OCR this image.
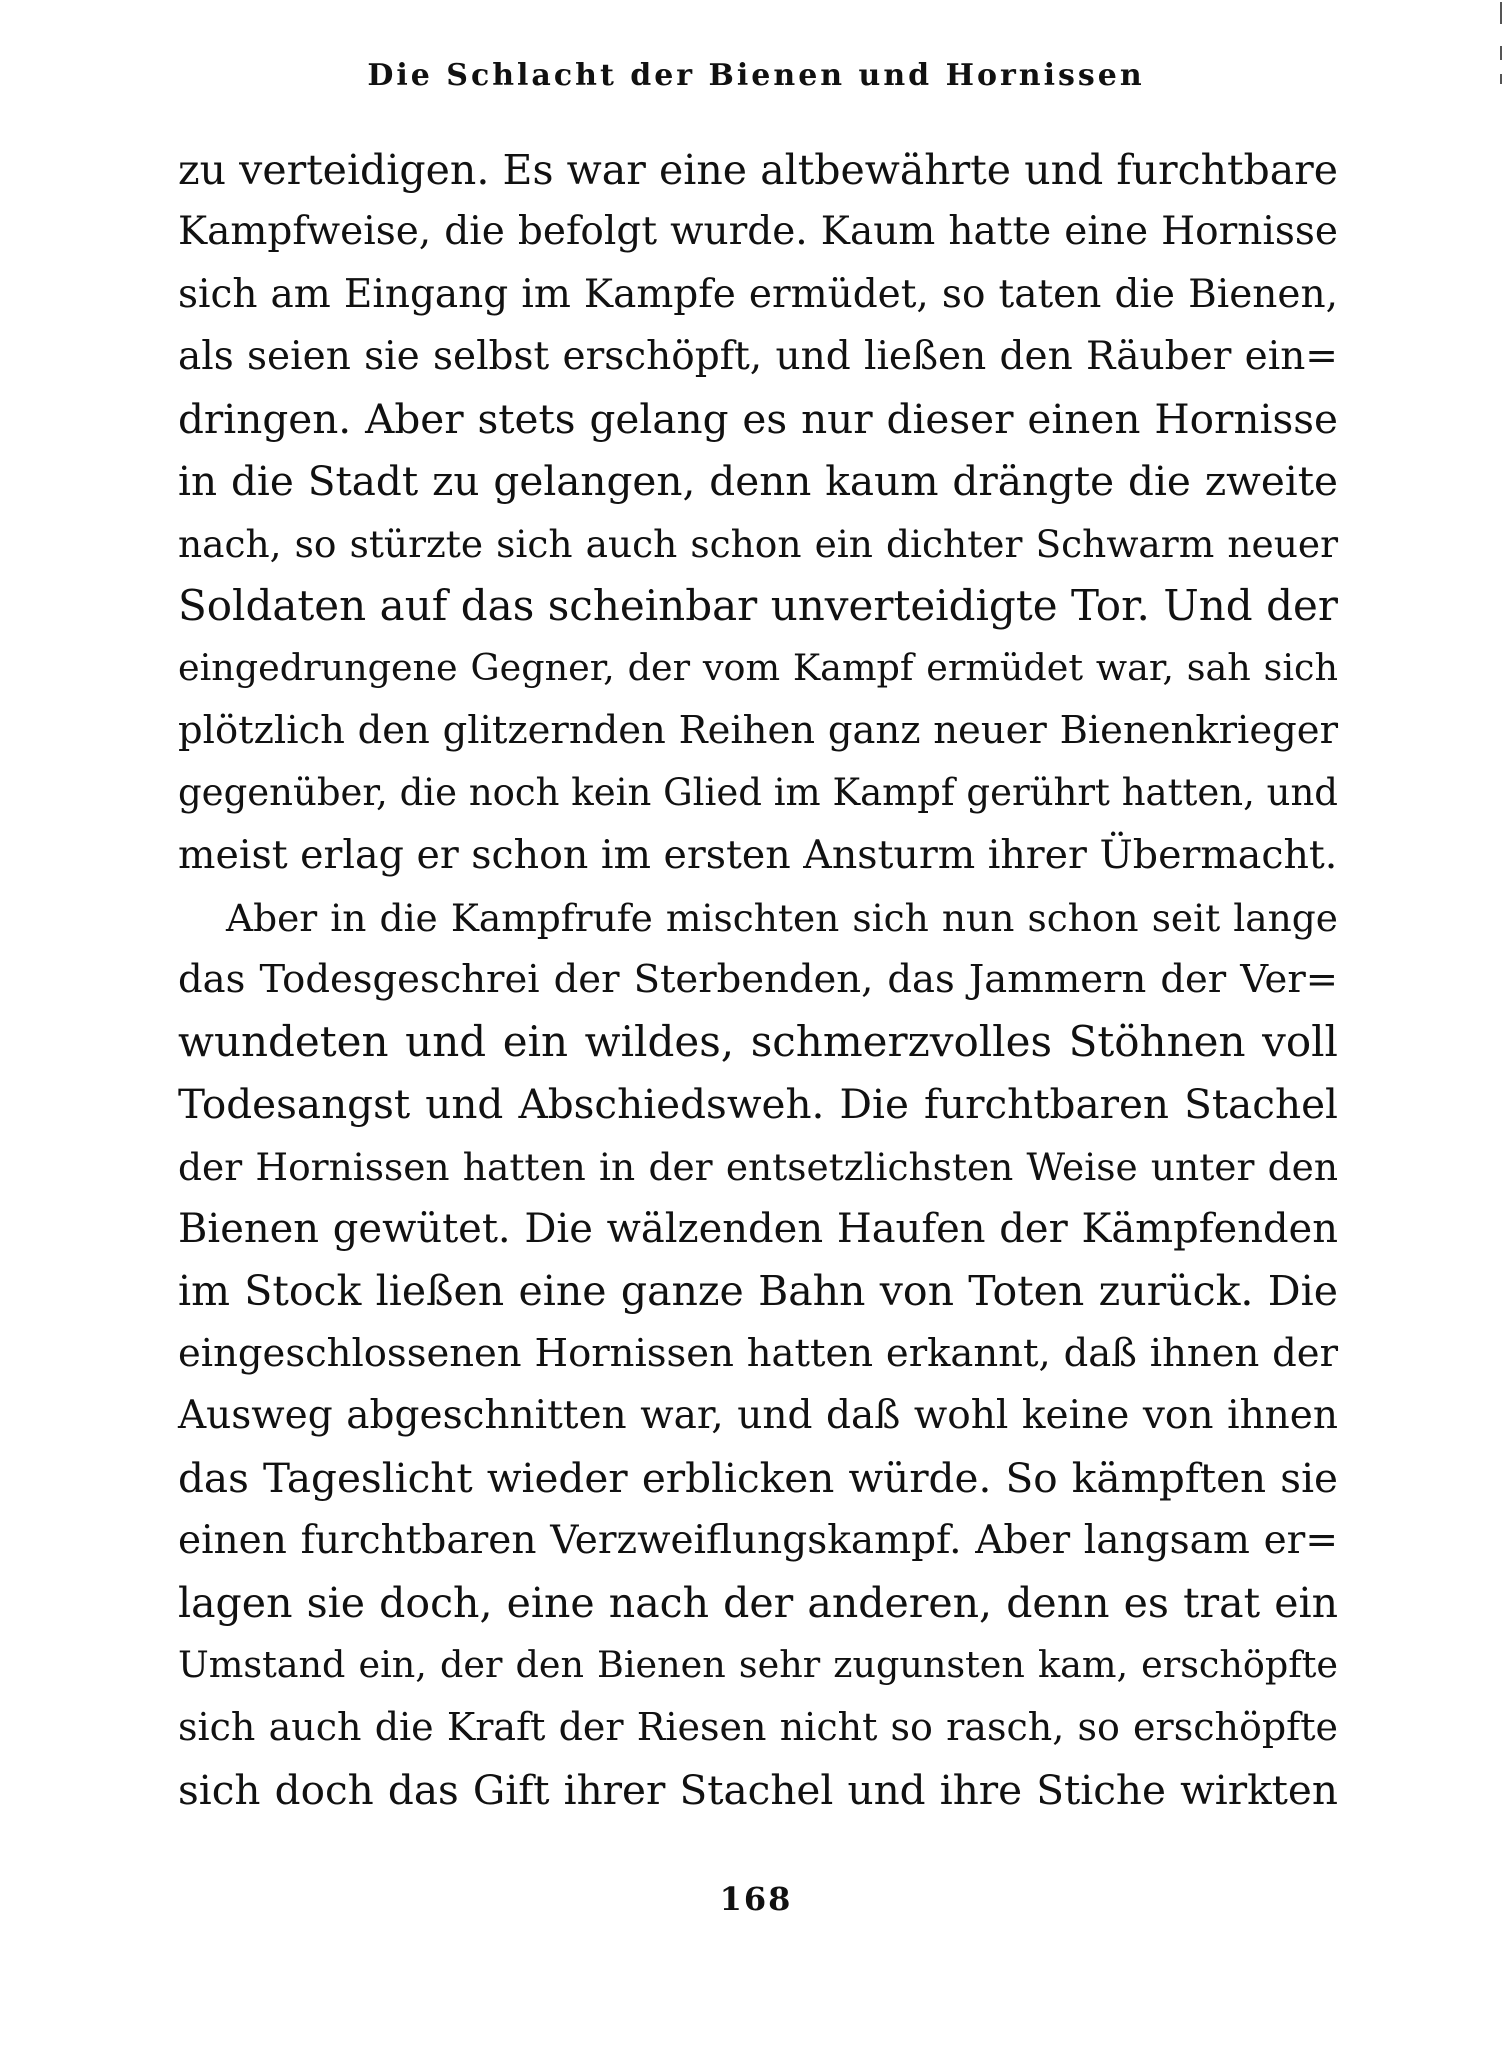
Die Schlacht der Bienen und Hornissen
zu verteidigen. Es war eine altbewährte und furchtbare
Kampfweise, die befolgt wurde. Kaum hatte eine Hornisse
sich am Eingang im Kampfe ermüdet, so taten die Bienen,
als seien sie selbst erschöpft, und ließen den Räuber ein=
dringen. Aber stets gelang es nur dieser einen Hornisse
in die Stadt zu gelangen, denn kaum drängte die zweite
nach, so stürzte sich auch schon ein dichter Schwarm neuer
Soldaten auf das scheinbar unverteidigte Tor. Und der
eingedrungene Gegner, der vom Kampf ermüdet war, sah sich
plötzlich den glitzernden Reihen ganz neuer Bienenkrieger
gegenüber, die noch kein Glied im Kampf gerührt hatten, und
meist erlag er schon im ersten Ansturm ihrer Übermacht.
Aber in die Kampfrufe mischten sich nun schon seit lange
das Todesgeschrei der Sterbenden, das Jammern der Ver=
wundeten und ein wildes, schmerzvolles Stöhnen voll
Todesangst und Abschiedsweh. Die furchtbaren Stachel
der Hornissen hatten in der entsetzlichsten Weise unter den
Bienen gewütet. Die wälzenden Haufen der Kämpfenden
im Stock ließen eine ganze Bahn von Toten zurück. Die
eingeschlossenen Hornissen hatten erkannt, daß ihnen der
Ausweg abgeschnitten war, und daß wohl keine von ihnen
das Tageslicht wieder erblicken würde. So kämpften sie
einen furchtbaren Verzweiflungskampf. Aber langsam er=
lagen sie doch, eine nach der anderen, denn es trat ein
Umstand ein, der den Bienen sehr zugunsten kam, erschöpfte
sich auch die Kraft der Riesen nicht so rasch, so erschöpfte
sich doch das Gift ihrer Stachel und ihre Stiche wirkten
168
